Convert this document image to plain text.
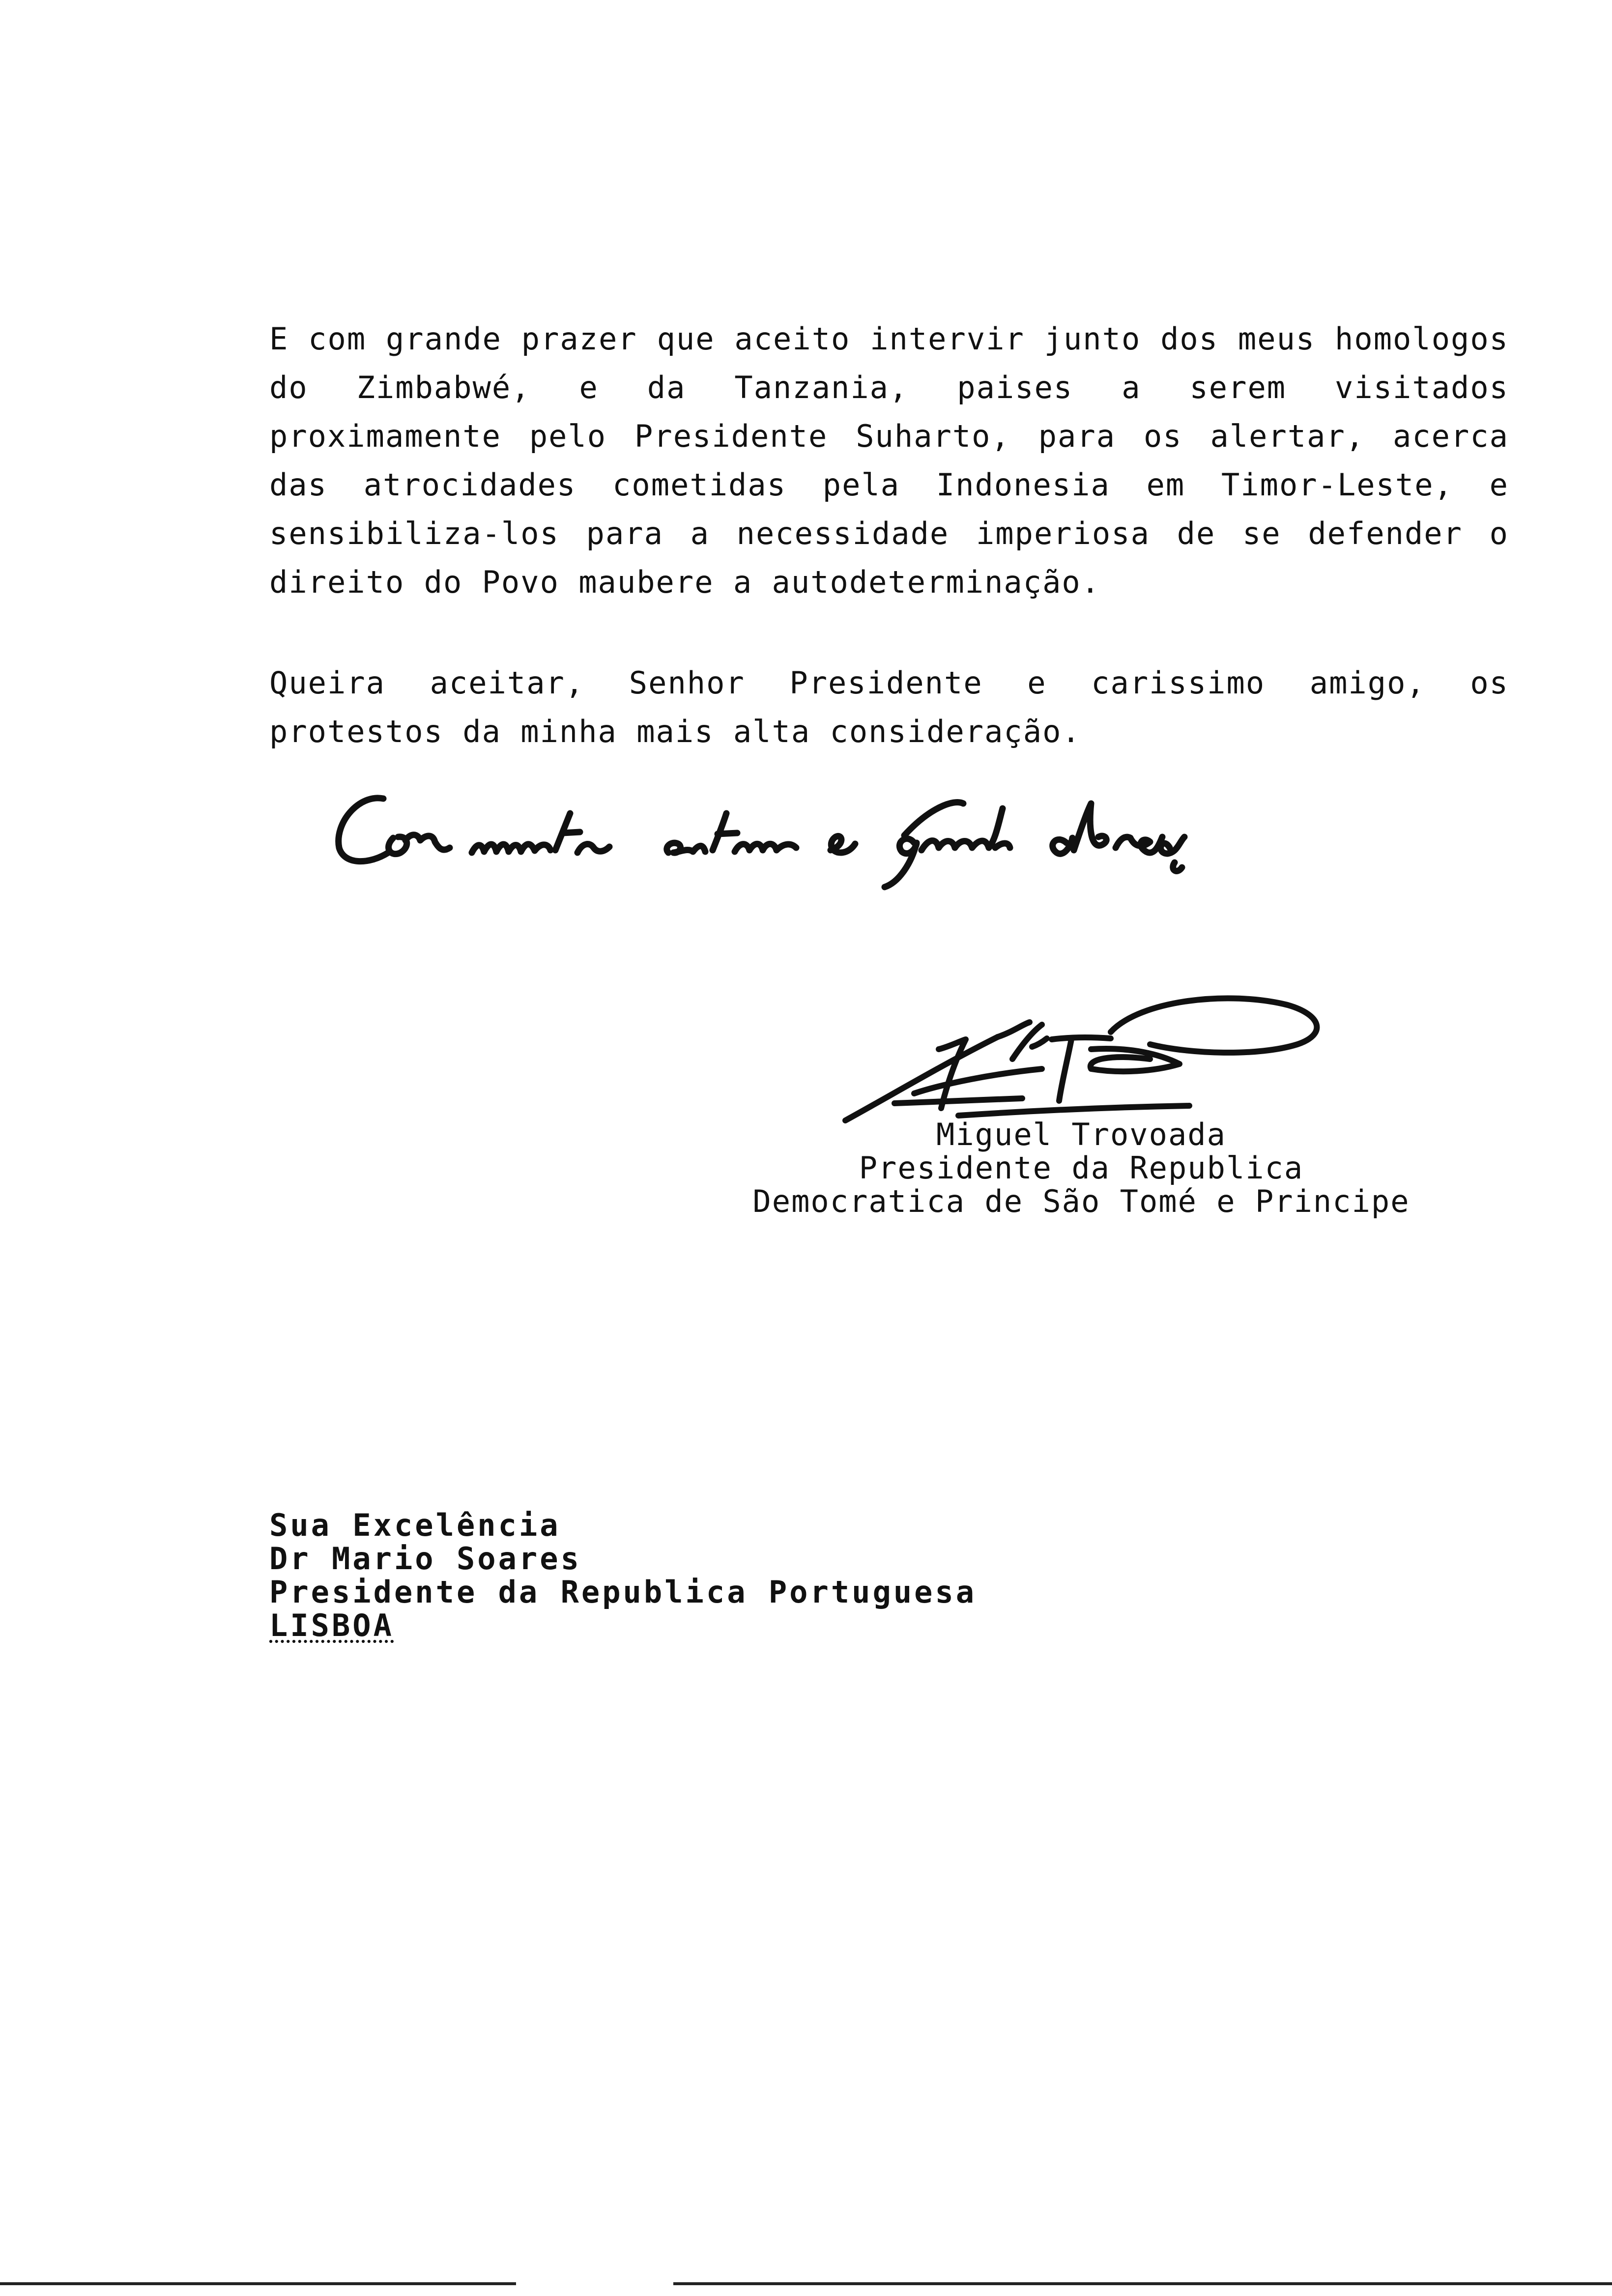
E com grande prazer que aceito intervir junto dos meus homologos do Zimbabwé, e da Tanzania, paises a serem visitados proximamente pelo Presidente Suharto, para os alertar, acerca das atrocidades cometidas pela Indonesia em Timor-Leste, e sensibiliza-los para a necessidade imperiosa de se defender o direito do Povo maubere a autodeterminação.

Queira aceitar, Senhor Presidente e carissimo amigo, os protestos da minha mais alta consideração.

Miguel Trovoada
Presidente da Republica
Democratica de São Tomé e Principe
Sua Excelência
Dr Mario Soares
Presidente da Republica Portuguesa
LISBOA
